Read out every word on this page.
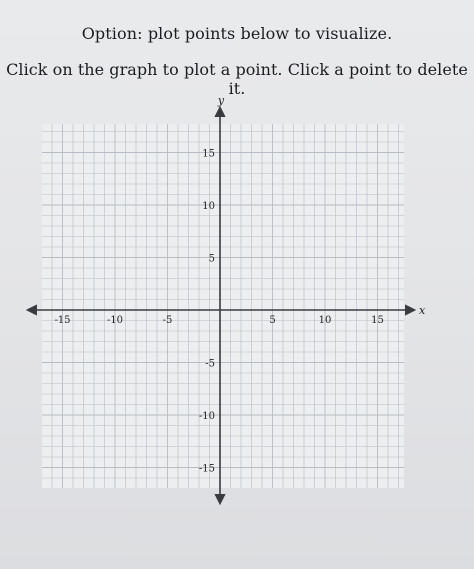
Option: plot points below to visualize.
Click on the graph to plot a point. Click a point to delete it.
x
y
-15	-10	-5	5	10	15
15
10
5
-5
-10
-15
